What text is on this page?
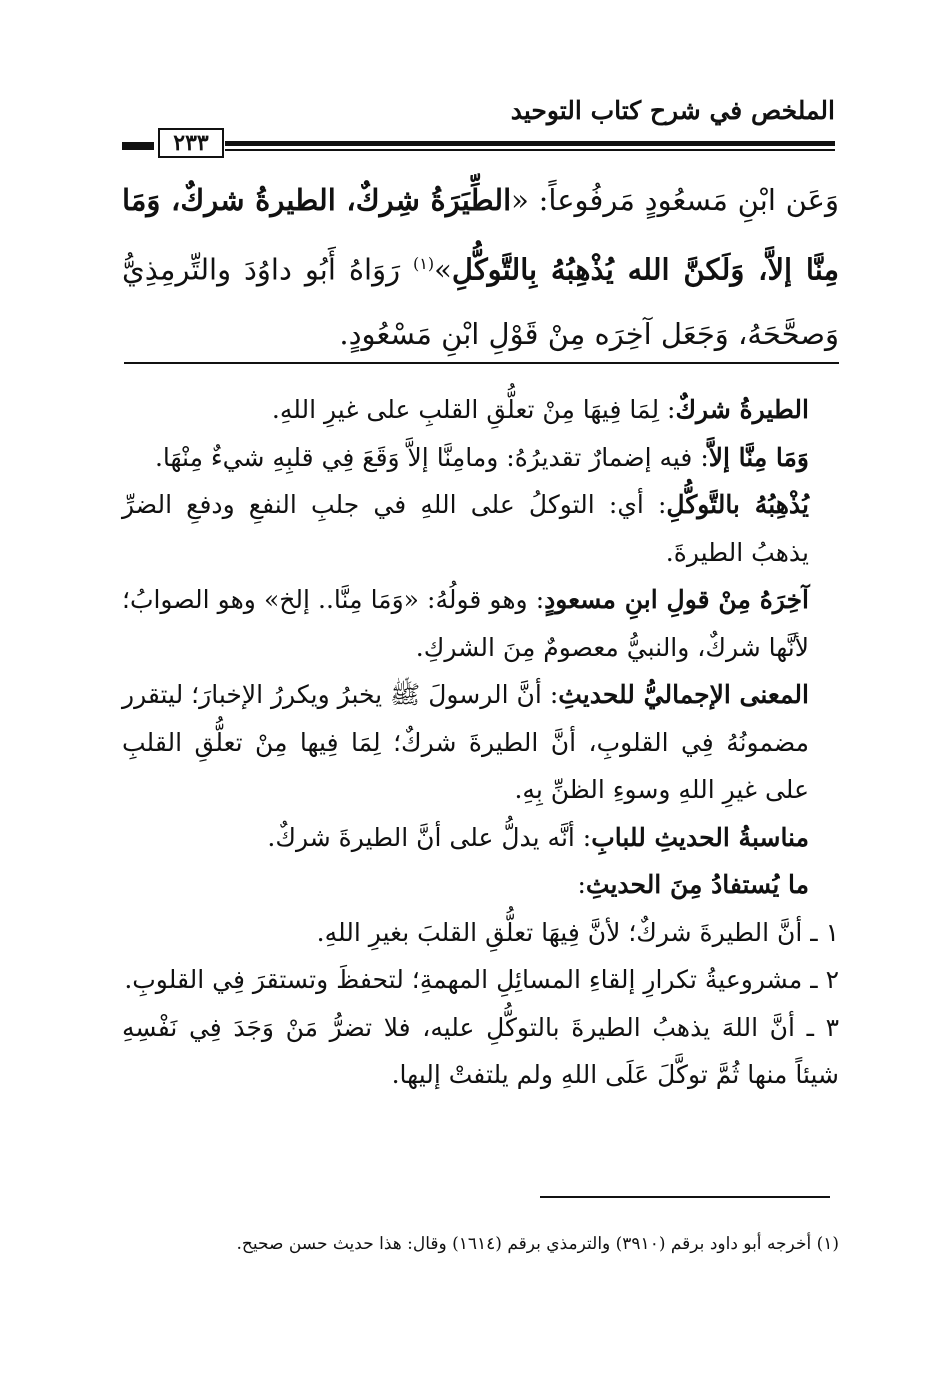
الملخص في شرح كتاب التوحيد
٢٣٣
وَعَن ابْنِ مَسعُودٍ مَرفُوعاً: «الطِّيَرَةُ شِركٌ، الطيرةُ شركٌ، وَمَا مِنَّا إلاَّ، وَلَكنَّ الله يُذْهِبُهُ بِالتَّوكُّلِ»$^{(١)}$ رَوَاهُ أَبُو داوُدَ والتِّرمِذِيُّ وَصحَّحَهُ، وَجَعَل آخِرَه مِنْ قَوْلِ ابْنِ مَسْعُودٍ.

الطيرةُ شركٌ: لِمَا فِيهَا مِنْ تعلُّقِ القلبِ على غيرِ اللهِ.

وَمَا مِنَّا إلاَّ: فيه إضمارٌ تقديرُهُ: ومامِنَّا إلاَّ وَقَعَ فِي قلبِهِ شيءٌ مِنْهَا.

يُذْهِبُهُ بالتَّوكُّلِ: أي: التوكلُ على اللهِ في جلبِ النفعِ ودفعِ الضرِّ يذهبُ الطيرةَ.

آخِرَهُ مِنْ قولِ ابنِ مسعودٍ: وهو قولُهُ: «وَمَا مِنَّا.. إلخ» وهو الصوابُ؛ لأنَّها شركٌ، والنبيُّ معصومٌ مِنَ الشركِ.

المعنى الإجماليُّ للحديثِ: أنَّ الرسولَ ﷺ يخبرُ ويكررُ الإخبارَ؛ ليتقرر مضمونُهُ فِي القلوبِ، أنَّ الطيرةَ شركٌ؛ لِمَا فِيها مِنْ تعلُّقِ القلبِ على غيرِ اللهِ وسوءِ الظنِّ بِهِ.

مناسبةُ الحديثِ للبابِ: أنَّه يدلُّ على أنَّ الطيرةَ شركٌ.

ما يُستفادُ مِنَ الحديثِ:

١ ـ أنَّ الطيرةَ شركٌ؛ لأنَّ فِيهَا تعلُّقِ القلبَ بغيرِ اللهِ.

٢ ـ مشروعيةُ تكرارِ إلقاءِ المسائِلِ المهمةِ؛ لتحفظَ وتستقرَ فِي القلوبِ.

٣ ـ أنَّ اللهَ يذهبُ الطيرةَ بالتوكُّلِ عليه، فلا تضرُّ مَنْ وَجَدَ فِي نَفْسِهِ شيئاً منها ثُمَّ توكَّلَ عَلَى اللهِ ولم يلتفتْ إليها.

(١) أخرجه أبو داود برقم (٣٩١٠) والترمذي برقم (١٦١٤) وقال: هذا حديث حسن صحيح.
